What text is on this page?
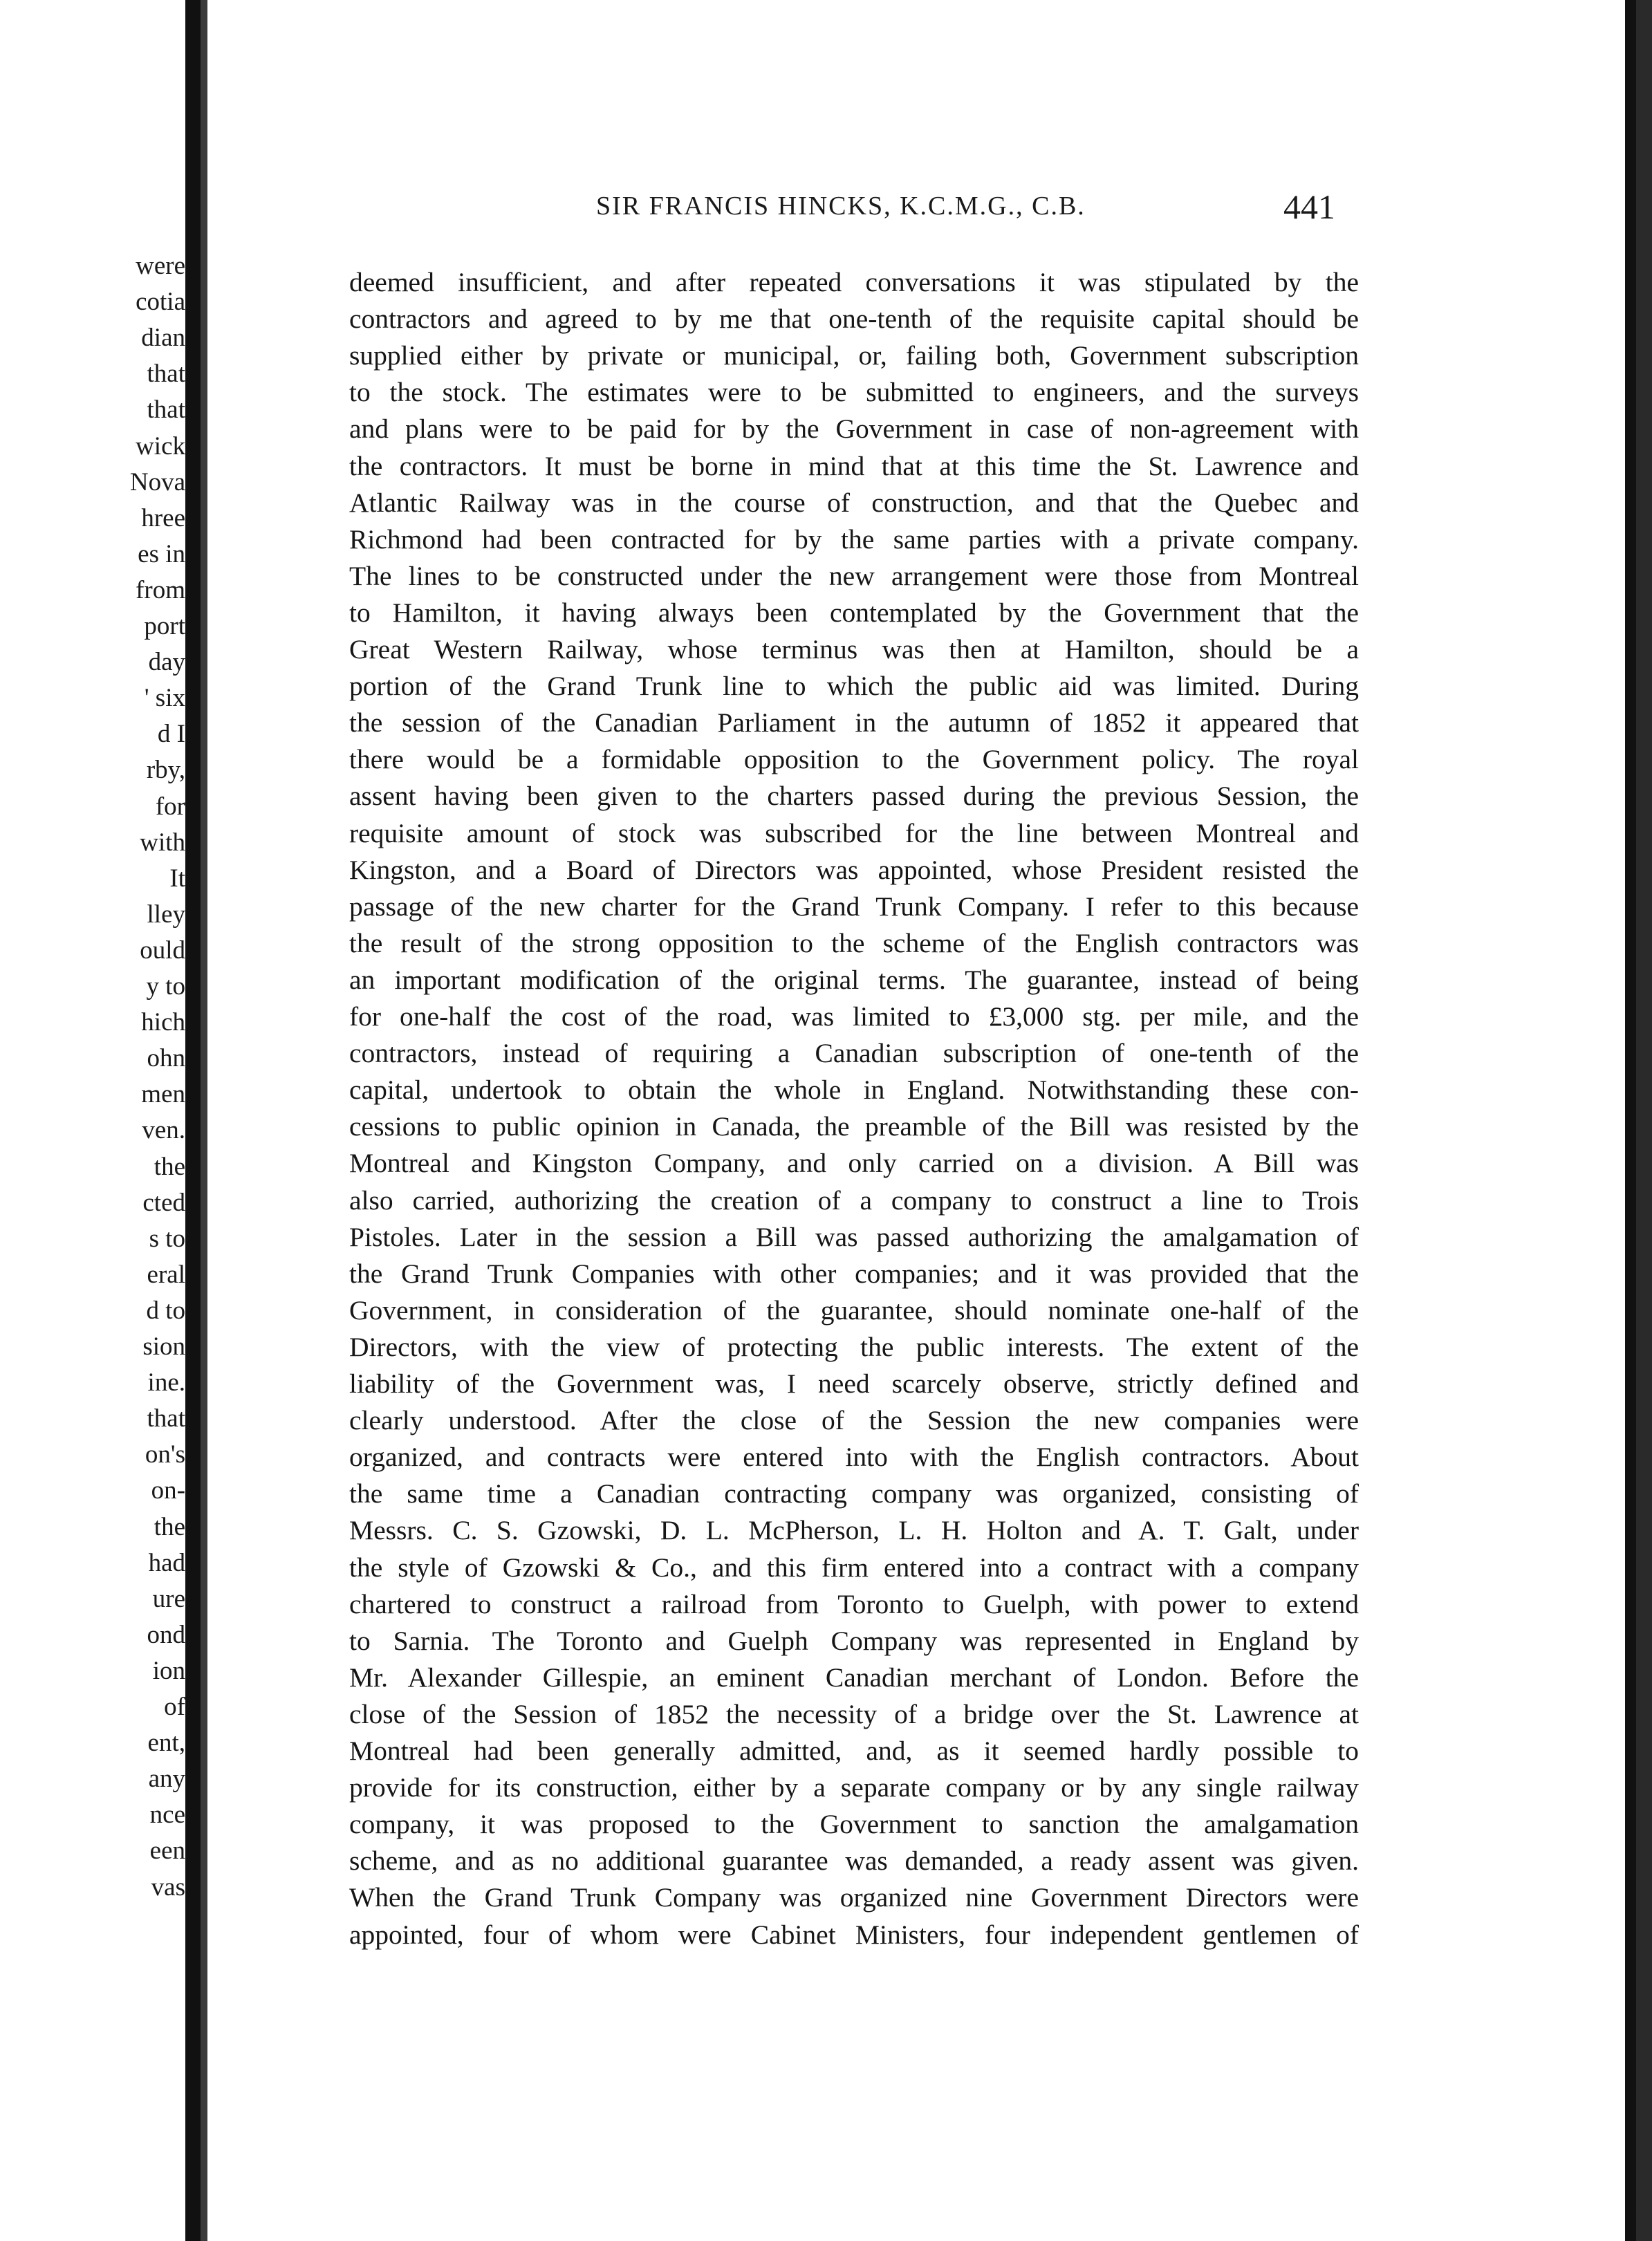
were
cotia
dian
that
that
wick
Nova
hree
es in
from
port
day
' six
d I
rby,
for
with
It
lley
ould
y to
hich
ohn
men
ven.
the
cted
s to
eral
d to
sion
ine.
that
on's
on-
the
had
ure
ond
ion
of
ent,
any
nce
een
vas
SIR FRANCIS HINCKS, K.C.M.G., C.B.	441
deemed insufficient, and after repeated conversations it was stipulated by the
contractors and agreed to by me that one-tenth of the requisite capital should be
supplied either by private or municipal, or, failing both, Government subscription
to the stock. The estimates were to be submitted to engineers, and the surveys
and plans were to be paid for by the Government in case of non-agreement with
the contractors. It must be borne in mind that at this time the St. Lawrence and
Atlantic Railway was in the course of construction, and that the Quebec and
Richmond had been contracted for by the same parties with a private company.
The lines to be constructed under the new arrangement were those from Montreal
to Hamilton, it having always been contemplated by the Government that the
Great Western Railway, whose terminus was then at Hamilton, should be a
portion of the Grand Trunk line to which the public aid was limited. During
the session of the Canadian Parliament in the autumn of 1852 it appeared that
there would be a formidable opposition to the Government policy. The royal
assent having been given to the charters passed during the previous Session, the
requisite amount of stock was subscribed for the line between Montreal and
Kingston, and a Board of Directors was appointed, whose President resisted the
passage of the new charter for the Grand Trunk Company. I refer to this because
the result of the strong opposition to the scheme of the English contractors was
an important modification of the original terms. The guarantee, instead of being
for one-half the cost of the road, was limited to £3,000 stg. per mile, and the
contractors, instead of requiring a Canadian subscription of one-tenth of the
capital, undertook to obtain the whole in England. Notwithstanding these con-
cessions to public opinion in Canada, the preamble of the Bill was resisted by the
Montreal and Kingston Company, and only carried on a division. A Bill was
also carried, authorizing the creation of a company to construct a line to Trois
Pistoles. Later in the session a Bill was passed authorizing the amalgamation of
the Grand Trunk Companies with other companies; and it was provided that the
Government, in consideration of the guarantee, should nominate one-half of the
Directors, with the view of protecting the public interests. The extent of the
liability of the Government was, I need scarcely observe, strictly defined and
clearly understood. After the close of the Session the new companies were
organized, and contracts were entered into with the English contractors. About
the same time a Canadian contracting company was organized, consisting of
Messrs. C. S. Gzowski, D. L. McPherson, L. H. Holton and A. T. Galt, under
the style of Gzowski & Co., and this firm entered into a contract with a company
chartered to construct a railroad from Toronto to Guelph, with power to extend
to Sarnia. The Toronto and Guelph Company was represented in England by
Mr. Alexander Gillespie, an eminent Canadian merchant of London. Before the
close of the Session of 1852 the necessity of a bridge over the St. Lawrence at
Montreal had been generally admitted, and, as it seemed hardly possible to
provide for its construction, either by a separate company or by any single railway
company, it was proposed to the Government to sanction the amalgamation
scheme, and as no additional guarantee was demanded, a ready assent was given.
When the Grand Trunk Company was organized nine Government Directors were
appointed, four of whom were Cabinet Ministers, four independent gentlemen of
